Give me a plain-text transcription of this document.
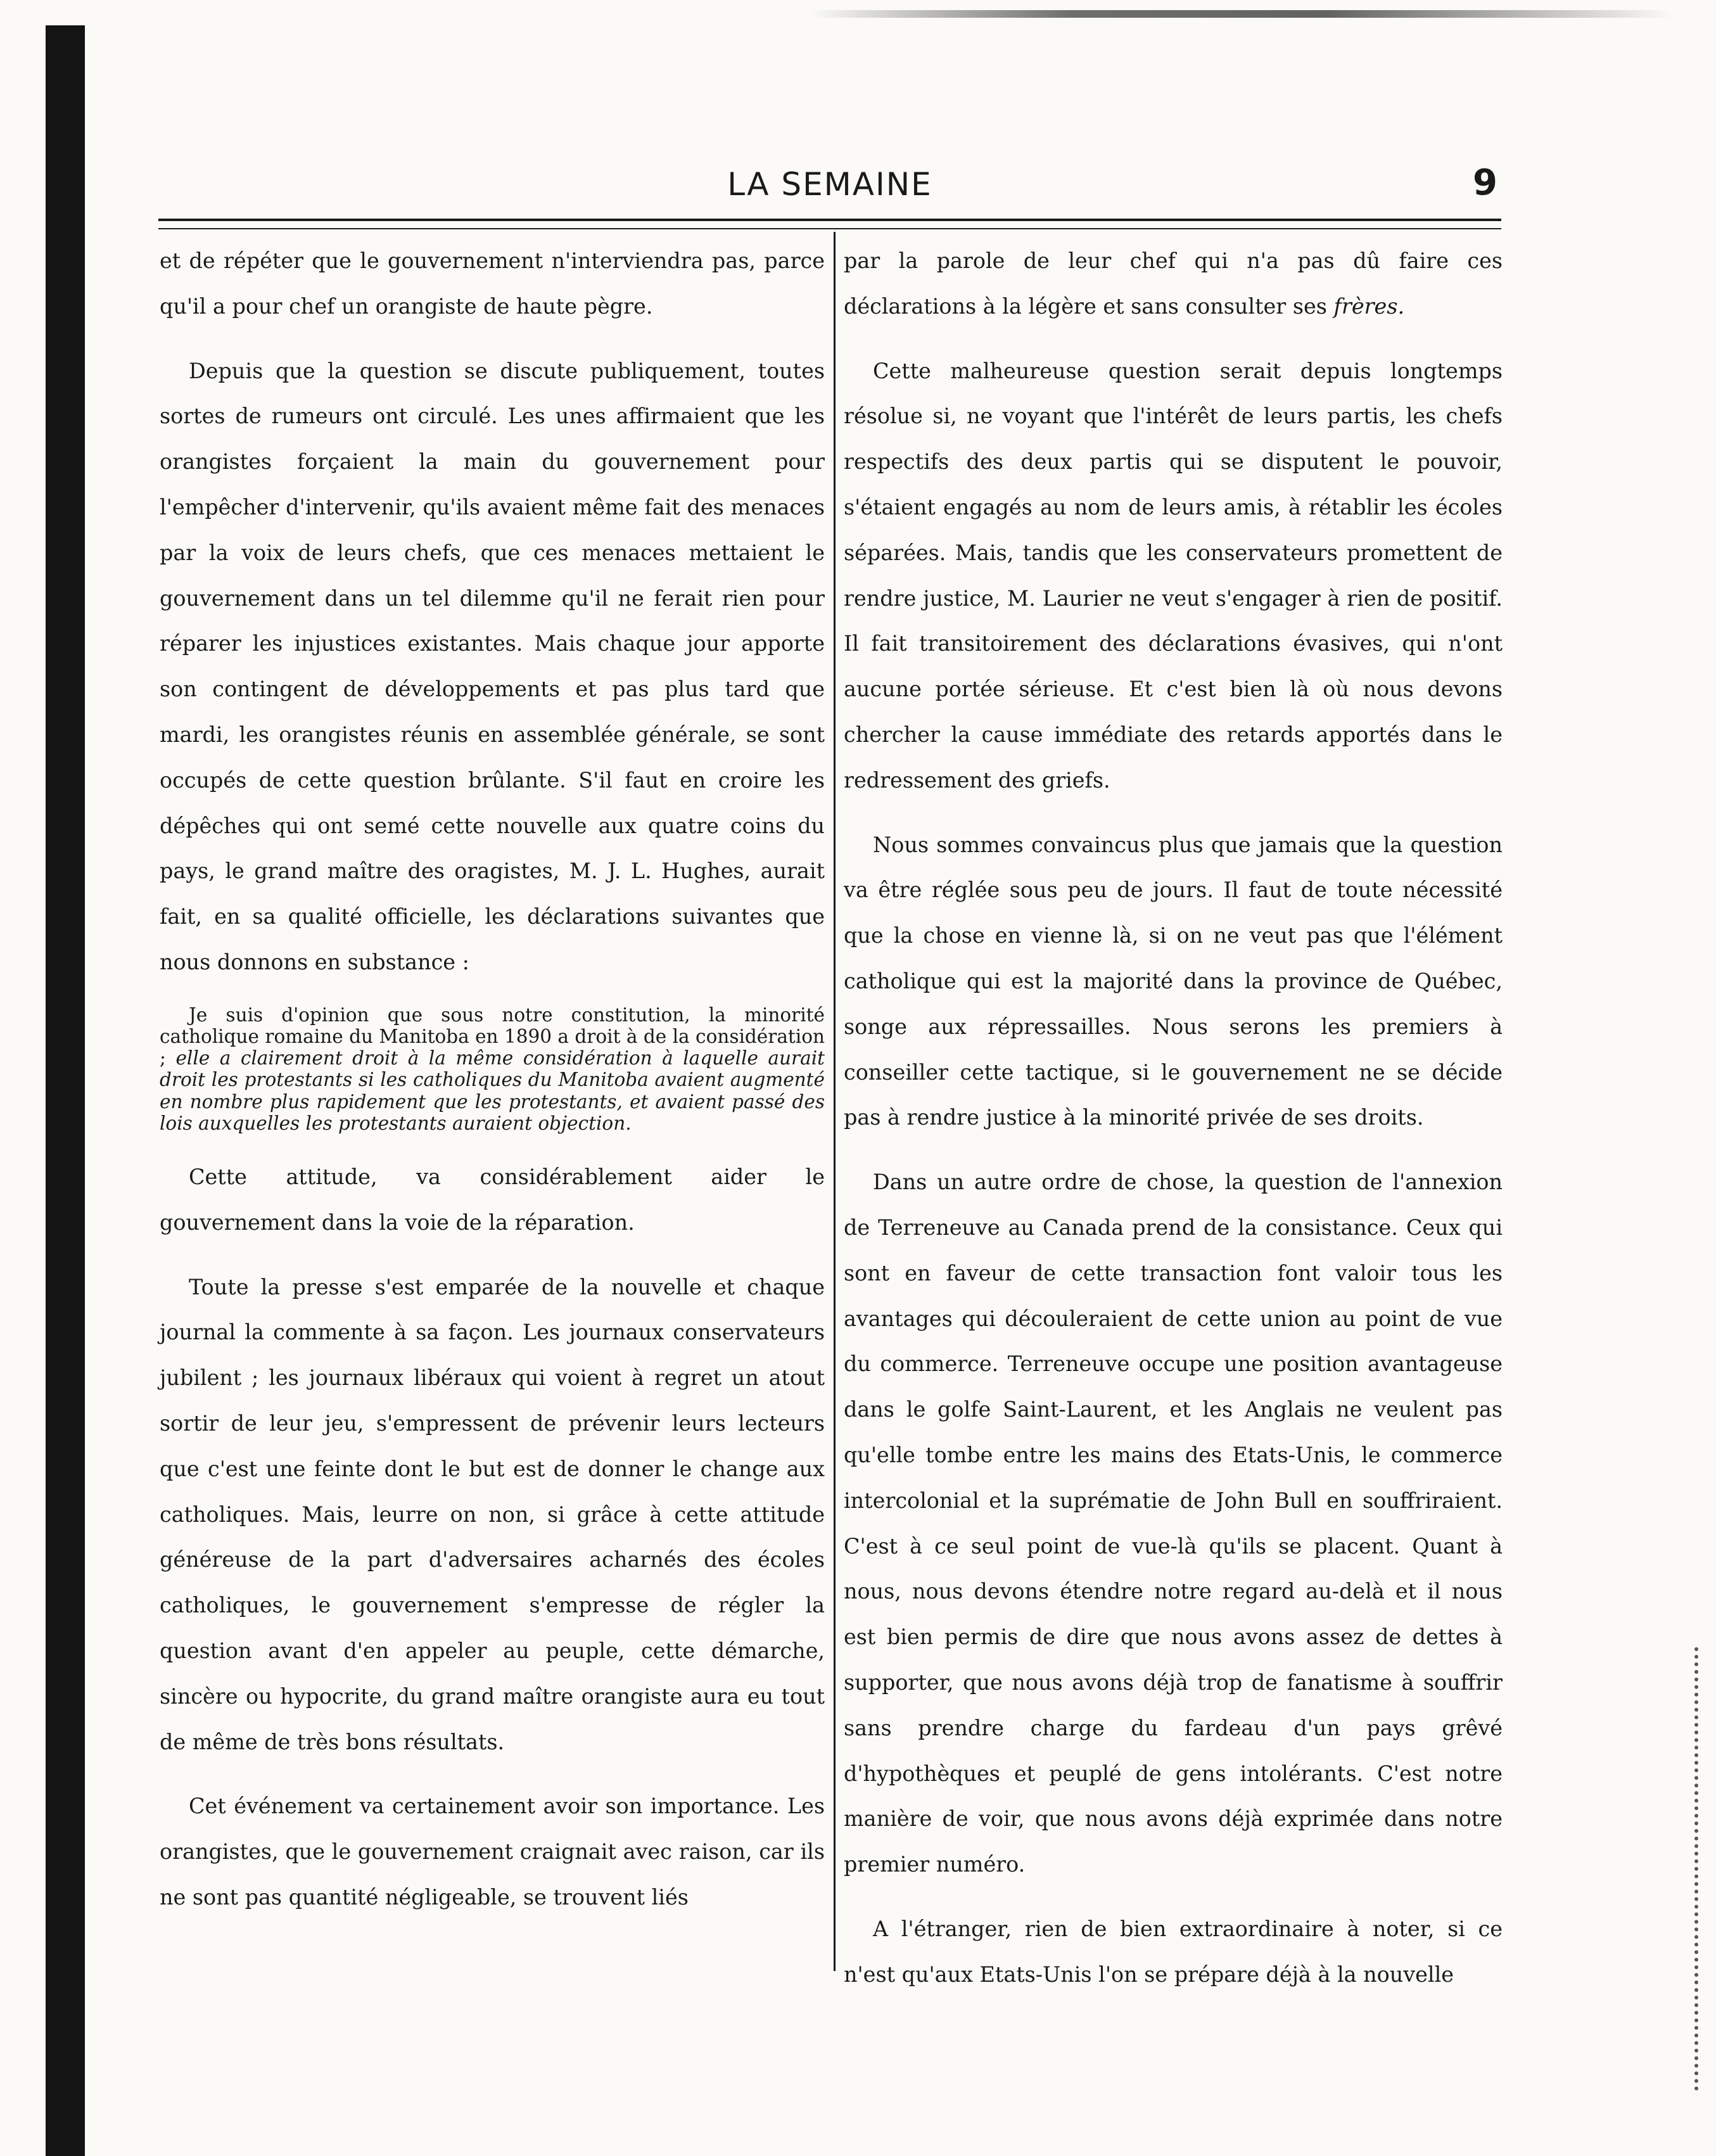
LA SEMAINE	9

et de répéter que le gouvernement n'interviendra pas, parce qu'il a pour chef un orangiste de haute pègre.

Depuis que la question se discute publiquement, toutes sortes de rumeurs ont circulé. Les unes affirmaient que les orangistes forçaient la main du gouvernement pour l'empêcher d'intervenir, qu'ils avaient même fait des menaces par la voix de leurs chefs, que ces menaces mettaient le gouvernement dans un tel dilemme qu'il ne ferait rien pour réparer les injustices existantes. Mais chaque jour apporte son contingent de développements et pas plus tard que mardi, les orangistes réunis en assemblée générale, se sont occupés de cette question brûlante. S'il faut en croire les dépêches qui ont semé cette nouvelle aux quatre coins du pays, le grand maître des oragistes, M. J. L. Hughes, aurait fait, en sa qualité officielle, les déclarations suivantes que nous donnons en substance :

Je suis d'opinion que sous notre constitution, la minorité catholique romaine du Manitoba en 1890 a droit à de la considération ; elle a clairement droit à la même considération à laquelle aurait droit les protestants si les catholiques du Manitoba avaient augmenté en nombre plus rapidement que les protestants, et avaient passé des lois auxquelles les protestants auraient objection.

Cette attitude, va considérablement aider le gouvernement dans la voie de la réparation.

Toute la presse s'est emparée de la nouvelle et chaque journal la commente à sa façon. Les journaux conservateurs jubilent ; les journaux libéraux qui voient à regret un atout sortir de leur jeu, s'empressent de prévenir leurs lecteurs que c'est une feinte dont le but est de donner le change aux catholiques. Mais, leurre on non, si grâce à cette attitude généreuse de la part d'adversaires acharnés des écoles catholiques, le gouvernement s'empresse de régler la question avant d'en appeler au peuple, cette démarche, sincère ou hypocrite, du grand maître orangiste aura eu tout de même de très bons résultats.

Cet événement va certainement avoir son importance. Les orangistes, que le gouvernement craignait avec raison, car ils ne sont pas quantité négligeable, se trouvent liés

par la parole de leur chef qui n'a pas dû faire ces déclarations à la légère et sans consulter ses frères.

Cette malheureuse question serait depuis longtemps résolue si, ne voyant que l'intérêt de leurs partis, les chefs respectifs des deux partis qui se disputent le pouvoir, s'étaient engagés au nom de leurs amis, à rétablir les écoles séparées. Mais, tandis que les conservateurs promettent de rendre justice, M. Laurier ne veut s'engager à rien de positif. Il fait transitoirement des déclarations évasives, qui n'ont aucune portée sérieuse. Et c'est bien là où nous devons chercher la cause immédiate des retards apportés dans le redressement des griefs.

Nous sommes convaincus plus que jamais que la question va être réglée sous peu de jours. Il faut de toute nécessité que la chose en vienne là, si on ne veut pas que l'élément catholique qui est la majorité dans la province de Québec, songe aux répressailles. Nous serons les premiers à conseiller cette tactique, si le gouvernement ne se décide pas à rendre justice à la minorité privée de ses droits.

Dans un autre ordre de chose, la question de l'annexion de Terreneuve au Canada prend de la consistance. Ceux qui sont en faveur de cette transaction font valoir tous les avantages qui découleraient de cette union au point de vue du commerce. Terreneuve occupe une position avantageuse dans le golfe Saint-Laurent, et les Anglais ne veulent pas qu'elle tombe entre les mains des Etats-Unis, le commerce intercolonial et la suprématie de John Bull en souffriraient. C'est à ce seul point de vue-là qu'ils se placent. Quant à nous, nous devons étendre notre regard au-delà et il nous est bien permis de dire que nous avons assez de dettes à supporter, que nous avons déjà trop de fanatisme à souffrir sans prendre charge du fardeau d'un pays grêvé d'hypothèques et peuplé de gens intolérants. C'est notre manière de voir, que nous avons déjà exprimée dans notre premier numéro.

A l'étranger, rien de bien extraordinaire à noter, si ce n'est qu'aux Etats-Unis l'on se prépare déjà à la nouvelle
